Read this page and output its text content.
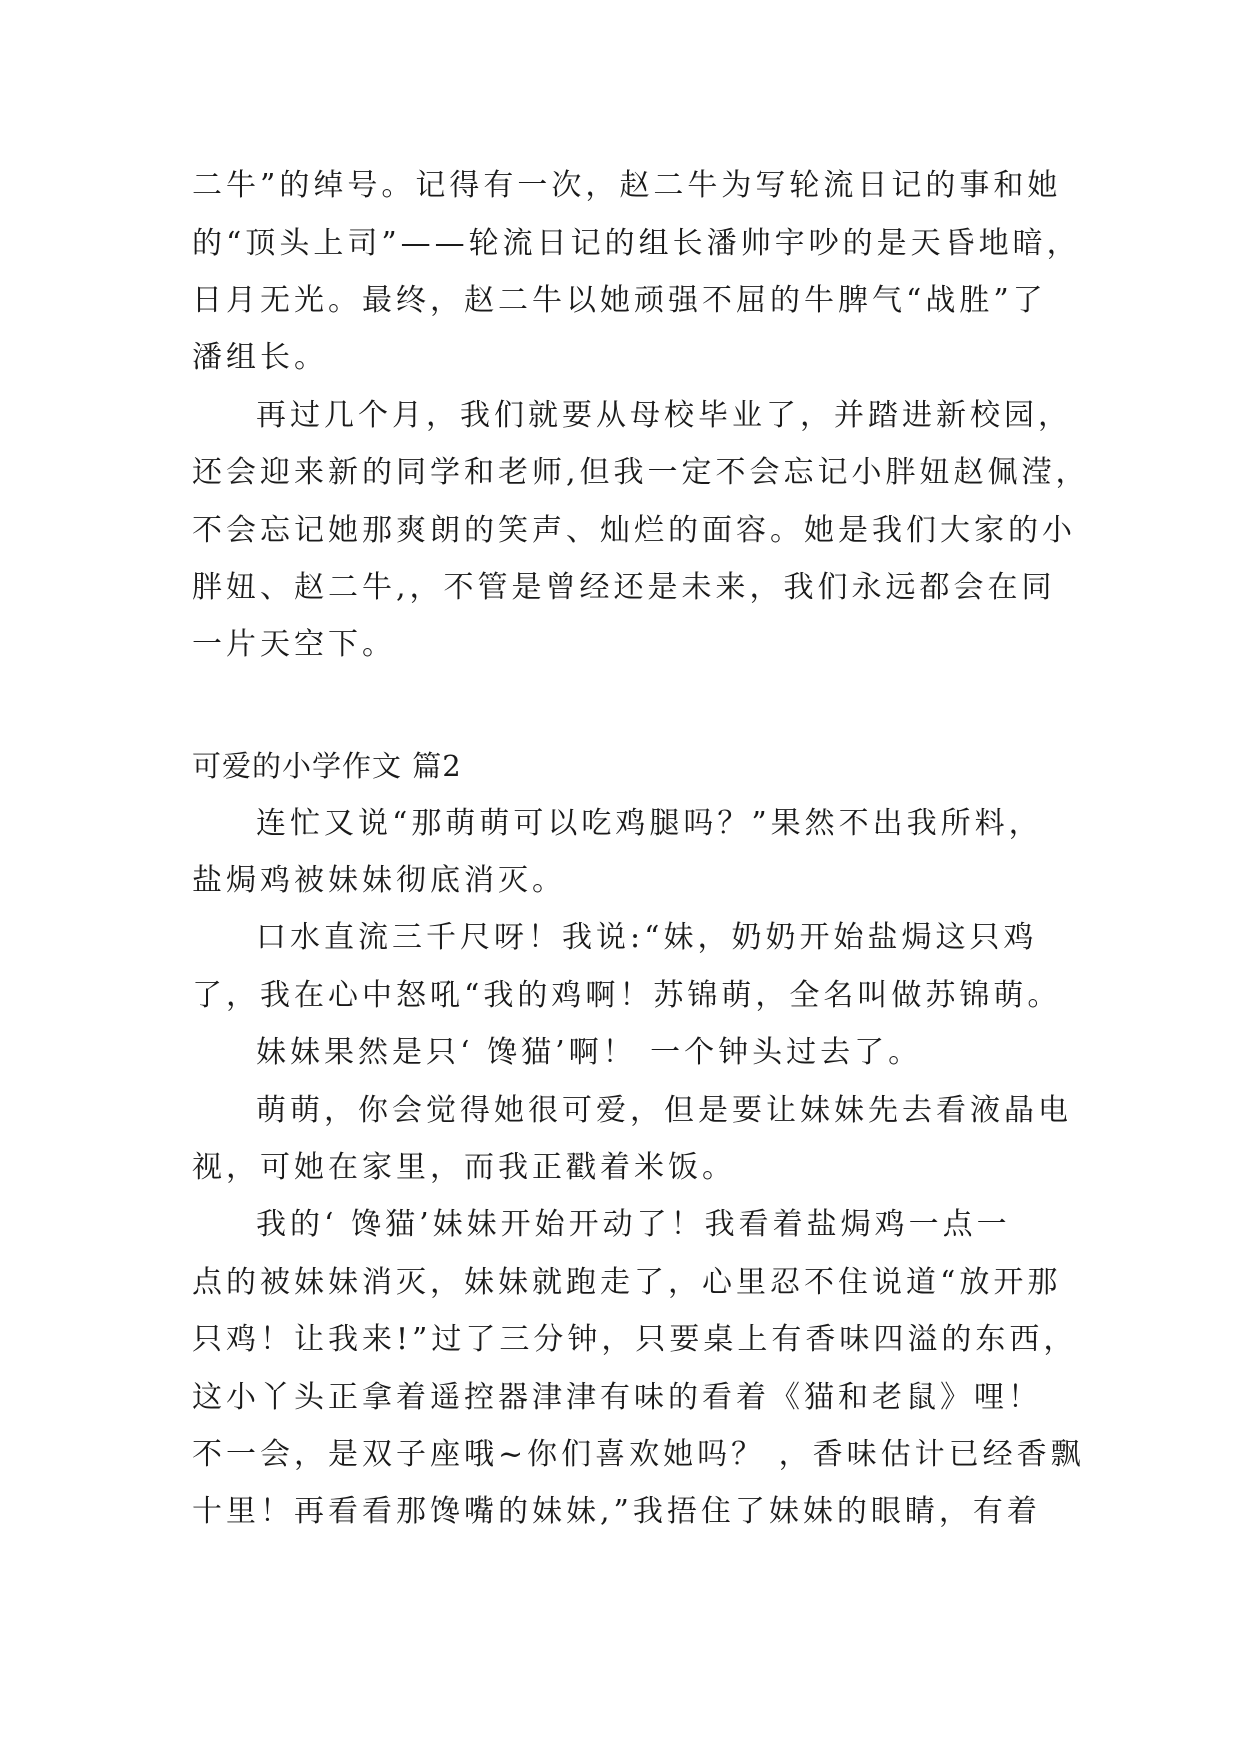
二牛”的绰号。记得有一次，赵二牛为写轮流日记的事和她
的“顶头上司”——轮流日记的组长潘帅宇吵的是天昏地暗，
日月无光。最终，赵二牛以她顽强不屈的牛脾气“战胜”了
潘组长。
再过几个月，我们就要从母校毕业了，并踏进新校园，
还会迎来新的同学和老师,但我一定不会忘记小胖妞赵佩滢，
不会忘记她那爽朗的笑声、灿烂的面容。她是我们大家的小
胖妞、赵二牛,，不管是曾经还是未来，我们永远都会在同
一片天空下。
可爱的小学作文 篇2
连忙又说“那萌萌可以吃鸡腿吗？”果然不出我所料，
盐焗鸡被妹妹彻底消灭。
口水直流三千尺呀！我说:“妹，奶奶开始盐焗这只鸡
了，我在心中怒吼“我的鸡啊！苏锦萌，全名叫做苏锦萌。
妹妹果然是只‘ 馋猫’啊！ 一个钟头过去了。
萌萌，你会觉得她很可爱，但是要让妹妹先去看液晶电
视，可她在家里，而我正戳着米饭。
我的‘ 馋猫’妹妹开始开动了！我看着盐焗鸡一点一
点的被妹妹消灭，妹妹就跑走了，心里忍不住说道“放开那
只鸡！让我来!”过了三分钟，只要桌上有香味四溢的东西，
这小丫头正拿着遥控器津津有味的看着《猫和老鼠》哩！
不一会，是双子座哦~你们喜欢她吗？ ，香味估计已经香飘
十里！再看看那馋嘴的妹妹,”我捂住了妹妹的眼睛，有着
